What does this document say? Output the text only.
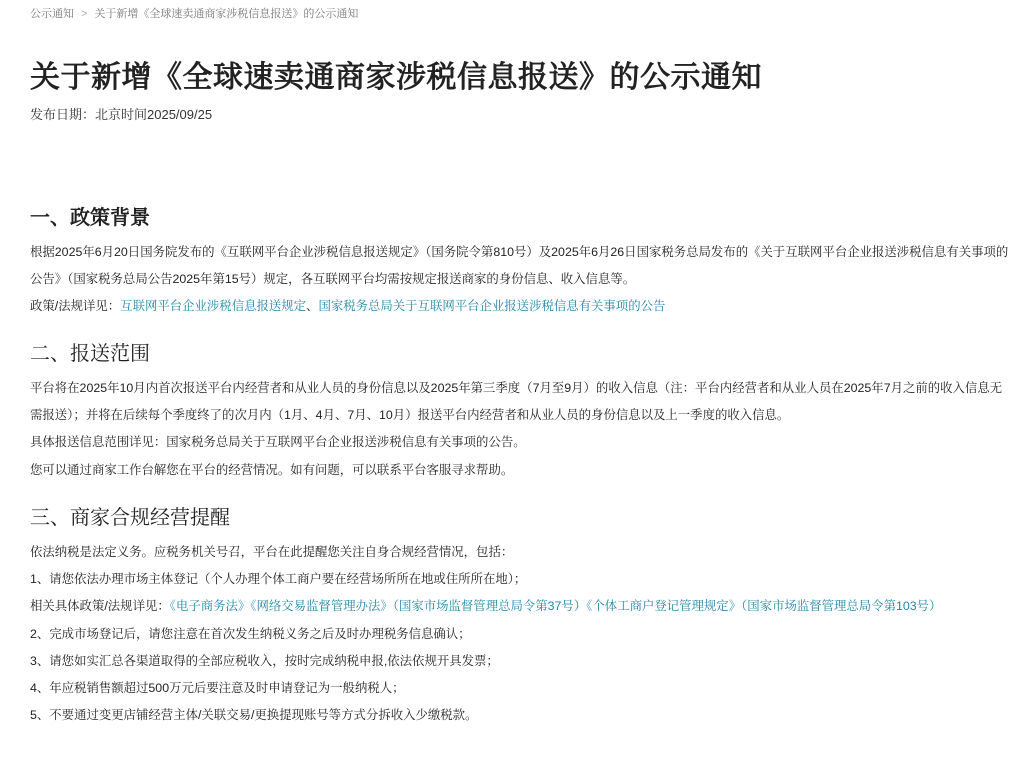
公示通知 > 关于新增《全球速卖通商家涉税信息报送》的公示通知
关于新增《全球速卖通商家涉税信息报送》的公示通知
发布日期：北京时间2025/09/25
一、政策背景

根据2025年6月20日国务院发布的《互联网平台企业涉税信息报送规定》（国务院令第810号）及2025年6月26日国家税务总局发布的《关于互联网平台企业报送涉税信息有关事项的公告》（国家税务总局公告2025年第15号）规定，各互联网平台均需按规定报送商家的身份信息、收入信息等。

政策/法规详见：互联网平台企业涉税信息报送规定、国家税务总局关于互联网平台企业报送涉税信息有关事项的公告

二、报送范围

平台将在2025年10月内首次报送平台内经营者和从业人员的身份信息以及2025年第三季度（7月至9月）的收入信息（注：平台内经营者和从业人员在2025年7月之前的收入信息无需报送）；并将在后续每个季度终了的次月内（1月、4月、7月、10月）报送平台内经营者和从业人员的身份信息以及上一季度的收入信息。

具体报送信息范围详见：国家税务总局关于互联网平台企业报送涉税信息有关事项的公告。

您可以通过商家工作台解您在平台的经营情况。如有问题，可以联系平台客服寻求帮助。

三、商家合规经营提醒

依法纳税是法定义务。应税务机关号召，平台在此提醒您关注自身合规经营情况，包括：

1、请您依法办理市场主体登记（个人办理个体工商户要在经营场所所在地或住所所在地）；

相关具体政策/法规详见：《电子商务法》《网络交易监督管理办法》（国家市场监督管理总局令第37号）《个体工商户登记管理规定》（国家市场监督管理总局令第103号）

2、完成市场登记后，请您注意在首次发生纳税义务之后及时办理税务信息确认；

3、请您如实汇总各渠道取得的全部应税收入，按时完成纳税申报,依法依规开具发票；

4、年应税销售额超过500万元后要注意及时申请登记为一般纳税人；

5、不要通过变更店铺经营主体/关联交易/更换提现账号等方式分拆收入少缴税款。
